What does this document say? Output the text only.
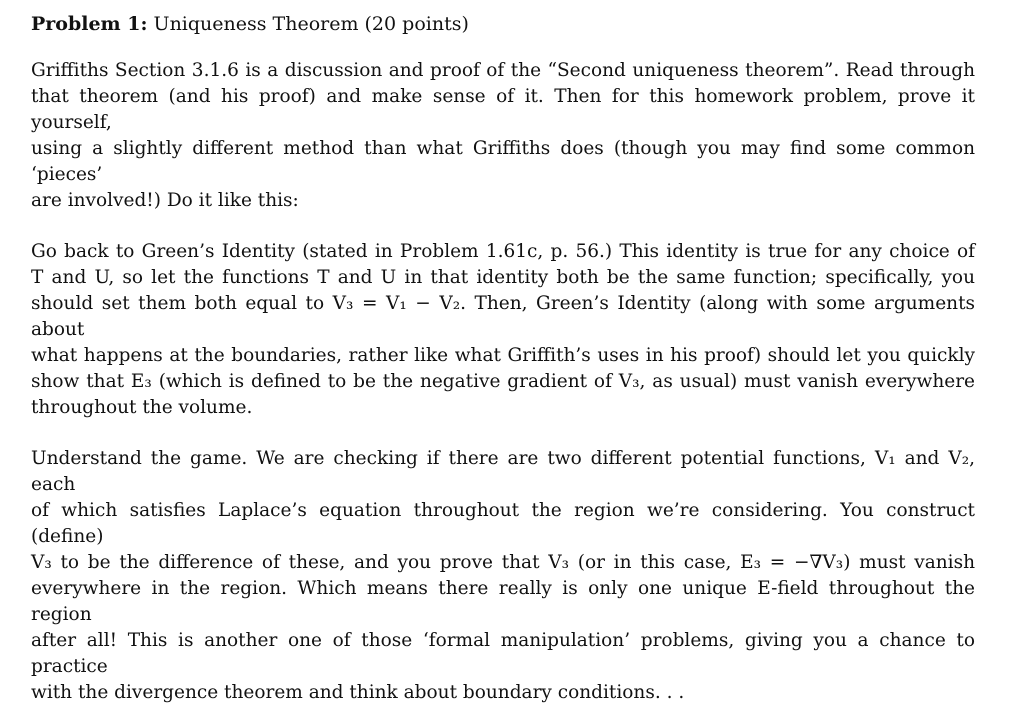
Problem 1: Uniqueness Theorem (20 points)

Griffiths Section 3.1.6 is a discussion and proof of the “Second uniqueness theorem”. Read through
that theorem (and his proof) and make sense of it. Then for this homework problem, prove it yourself,
using a slightly different method than what Griffiths does (though you may find some common ‘pieces’
are involved!) Do it like this:

Go back to Green’s Identity (stated in Problem 1.61c, p. 56.) This identity is true for any choice of
T and U, so let the functions T and U in that identity both be the same function; specifically, you
should set them both equal to V₃ = V₁ − V₂. Then, Green’s Identity (along with some arguments about
what happens at the boundaries, rather like what Griffith’s uses in his proof) should let you quickly
show that E₃ (which is defined to be the negative gradient of V₃, as usual) must vanish everywhere
throughout the volume.

Understand the game. We are checking if there are two different potential functions, V₁ and V₂, each
of which satisfies Laplace’s equation throughout the region we’re considering. You construct (define)
V₃ to be the difference of these, and you prove that V₃ (or in this case, E₃ = −∇V₃) must vanish
everywhere in the region. Which means there really is only one unique E-field throughout the region
after all! This is another one of those ‘formal manipulation’ problems, giving you a chance to practice
with the divergence theorem and think about boundary conditions. . .
